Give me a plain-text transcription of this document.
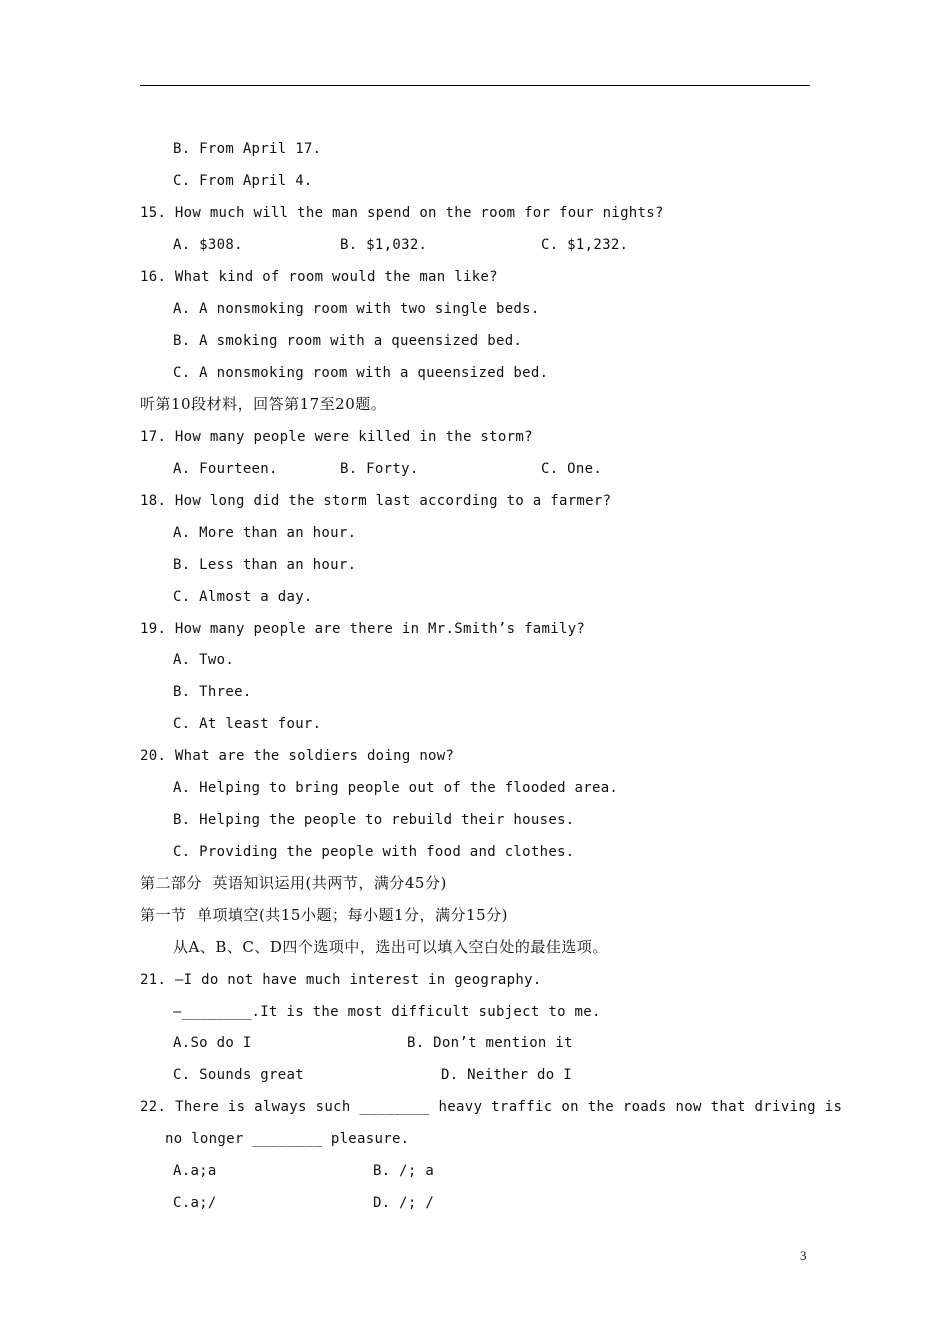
B. From April 17.
C. From April 4.
15. How much will the man spend on the room for four nights?
A. $308.	B. $1,032.	C. $1,232.
16. What kind of room would the man like?
A. A nonsmoking room with two single beds.
B. A smoking room with a queensized bed.
C. A nonsmoking room with a queensized bed.
听第10段材料，回答第17至20题。
17. How many people were killed in the storm?
A. Fourteen.	B. Forty.	C. One.
18. How long did the storm last according to a farmer?
A. More than an hour.
B. Less than an hour.
C. Almost a day.
19. How many people are there in Mr.Smith’s family?
A. Two.
B. Three.
C. At least four.
20. What are the soldiers doing now?
A. Helping to bring people out of the flooded area.
B. Helping the people to rebuild their houses.
C. Providing the people with food and clothes.
第二部分  英语知识运用(共两节，满分45分)
第一节  单项填空(共15小题；每小题1分，满分15分)
从A、B、C、D四个选项中，选出可以填入空白处的最佳选项。
21. —I do not have much interest in geography.
—________.It is the most difficult subject to me.
A.So do I	B. Don’t mention it
C. Sounds great	D. Neither do I
22. There is always such ________ heavy traffic on the roads now that driving is
no longer ________ pleasure.
A.a;a	B. /; a
C.a;/	D. /; /
3
